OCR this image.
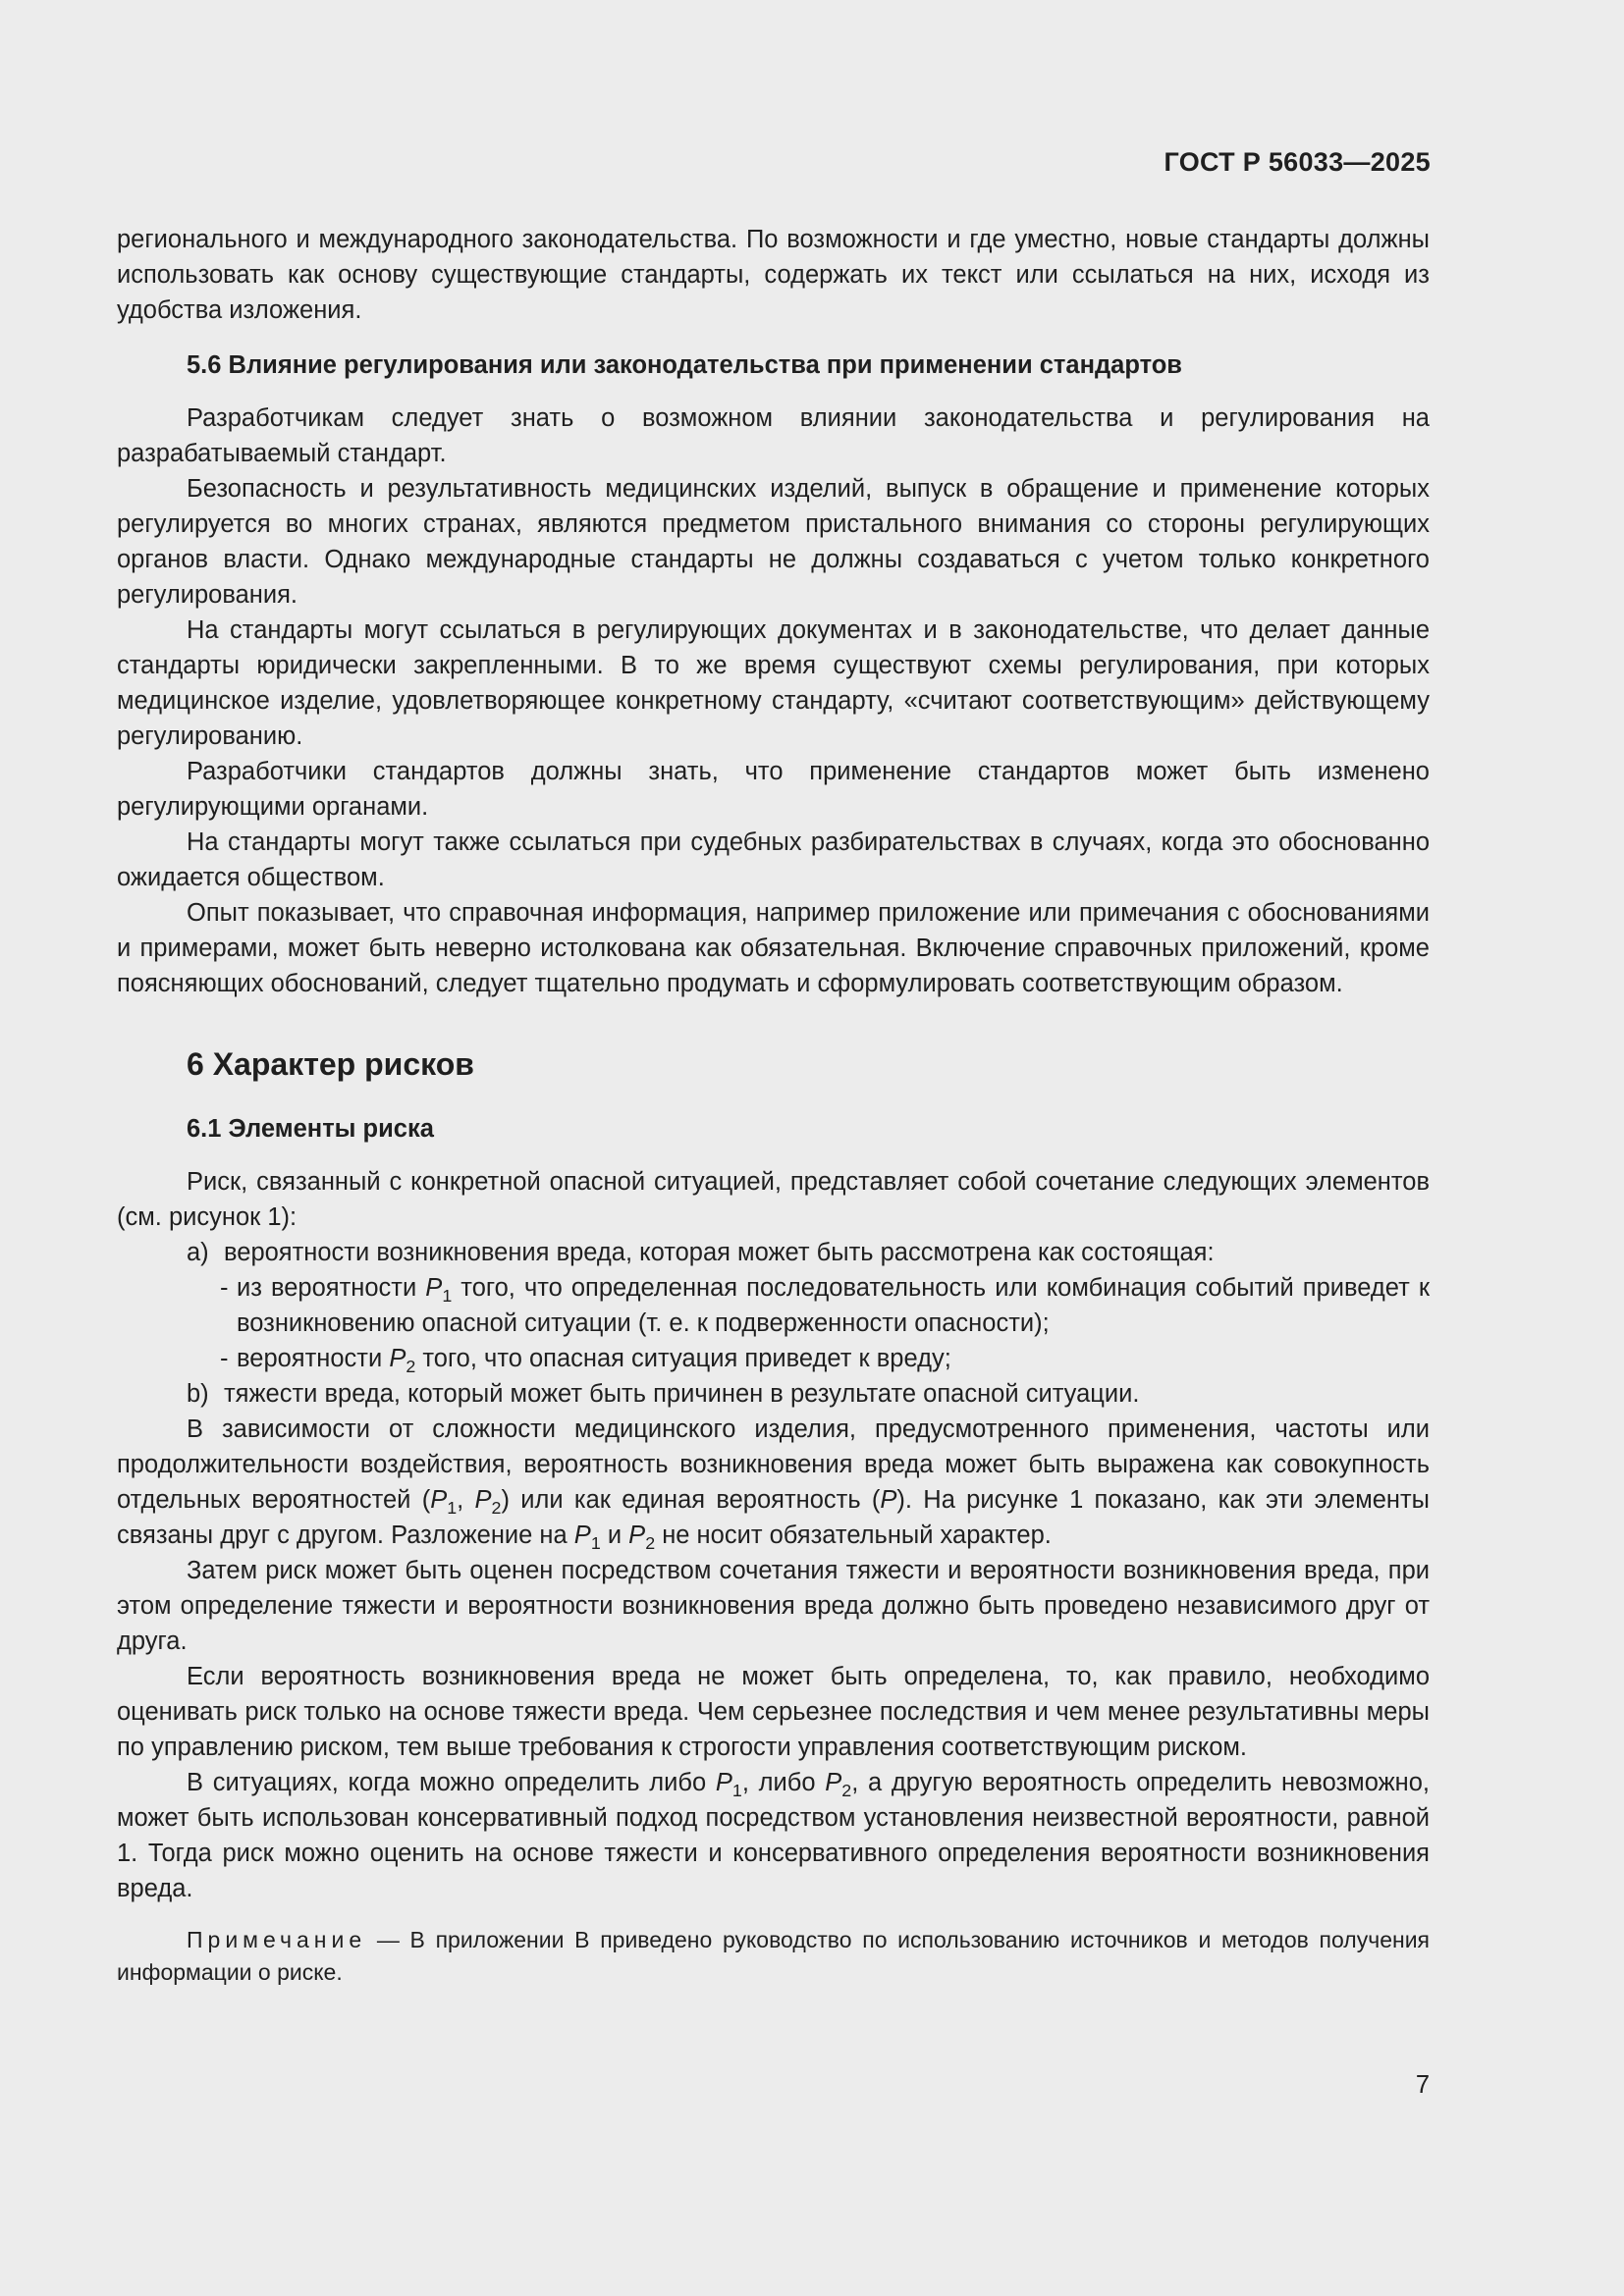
ГОСТ Р 56033—2025

регионального и международного законодательства. По возможности и где уместно, новые стандарты должны использовать как основу существующие стандарты, содержать их текст или ссылаться на них, исходя из удобства изложения.

5.6 Влияние регулирования или законодательства при применении стандартов

Разработчикам следует знать о возможном влиянии законодательства и регулирования на разрабатываемый стандарт.

Безопасность и результативность медицинских изделий, выпуск в обращение и применение которых регулируется во многих странах, являются предметом пристального внимания со стороны регулирующих органов власти. Однако международные стандарты не должны создаваться с учетом только конкретного регулирования.

На стандарты могут ссылаться в регулирующих документах и в законодательстве, что делает данные стандарты юридически закрепленными. В то же время существуют схемы регулирования, при которых медицинское изделие, удовлетворяющее конкретному стандарту, «считают соответствующим» действующему регулированию.

Разработчики стандартов должны знать, что применение стандартов может быть изменено регулирующими органами.

На стандарты могут также ссылаться при судебных разбирательствах в случаях, когда это обоснованно ожидается обществом.

Опыт показывает, что справочная информация, например приложение или примечания с обоснованиями и примерами, может быть неверно истолкована как обязательная. Включение справочных приложений, кроме поясняющих обоснований, следует тщательно продумать и сформулировать соответствующим образом.

6 Характер рисков
6.1 Элементы риска

Риск, связанный с конкретной опасной ситуацией, представляет собой сочетание следующих элементов (см. рисунок 1):

a) вероятности возникновения вреда, которая может быть рассмотрена как состоящая:
- из вероятности $P_1$ того, что определенная последовательность или комбинация событий приведет к возникновению опасной ситуации (т. е. к подверженности опасности);
- вероятности $P_2$ того, что опасная ситуация приведет к вреду;
b) тяжести вреда, который может быть причинен в результате опасной ситуации.

В зависимости от сложности медицинского изделия, предусмотренного применения, частоты или продолжительности воздействия, вероятность возникновения вреда может быть выражена как совокупность отдельных вероятностей ($P_1$, $P_2$) или как единая вероятность (P). На рисунке 1 показано, как эти элементы связаны друг с другом. Разложение на $P_1$ и $P_2$ не носит обязательный характер.

Затем риск может быть оценен посредством сочетания тяжести и вероятности возникновения вреда, при этом определение тяжести и вероятности возникновения вреда должно быть проведено независимого друг от друга.

Если вероятность возникновения вреда не может быть определена, то, как правило, необходимо оценивать риск только на основе тяжести вреда. Чем серьезнее последствия и чем менее результативны меры по управлению риском, тем выше требования к строгости управления соответствующим риском.

В ситуациях, когда можно определить либо $P_1$, либо $P_2$, а другую вероятность определить невозможно, может быть использован консервативный подход посредством установления неизвестной вероятности, равной 1. Тогда риск можно оценить на основе тяжести и консервативного определения вероятности возникновения вреда.

Примечание — В приложении В приведено руководство по использованию источников и методов получения информации о риске.

7
